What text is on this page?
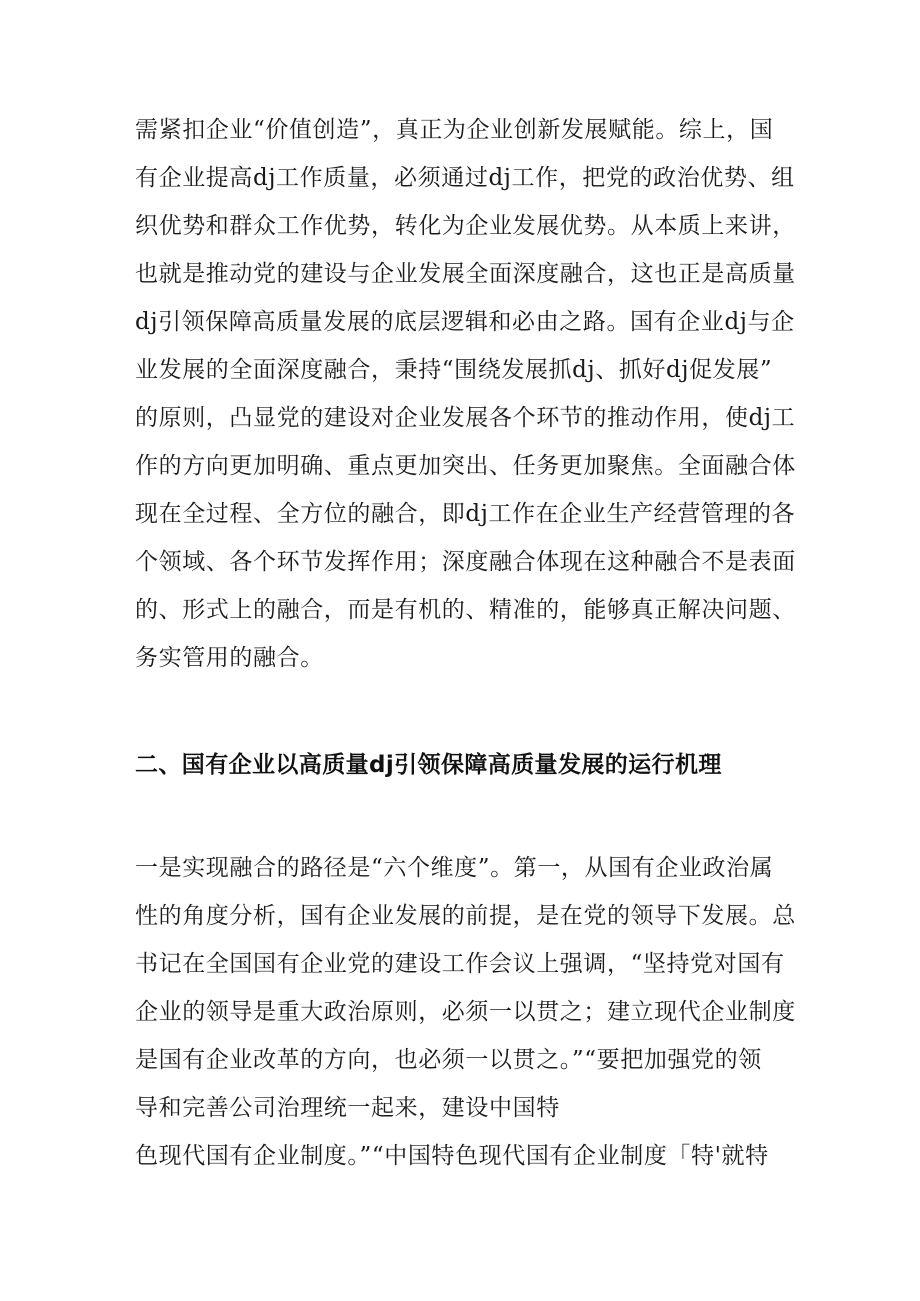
需紧扣企业“价值创造”，真正为企业创新发展赋能。综上，国
有企业提高dj工作质量，必须通过dj工作，把党的政治优势、组
织优势和群众工作优势，转化为企业发展优势。从本质上来讲，
也就是推动党的建设与企业发展全面深度融合，这也正是高质量
dj引领保障高质量发展的底层逻辑和必由之路。国有企业dj与企
业发展的全面深度融合，秉持“围绕发展抓dj、抓好dj促发展”
的原则，凸显党的建设对企业发展各个环节的推动作用，使dj工
作的方向更加明确、重点更加突出、任务更加聚焦。全面融合体
现在全过程、全方位的融合，即dj工作在企业生产经营管理的各
个领域、各个环节发挥作用；深度融合体现在这种融合不是表面
的、形式上的融合，而是有机的、精准的，能够真正解决问题、
务实管用的融合。
二、国有企业以高质量dj引领保障高质量发展的运行机理
一是实现融合的路径是“六个维度”。第一，从国有企业政治属
性的角度分析，国有企业发展的前提，是在党的领导下发展。总
书记在全国国有企业党的建设工作会议上强调，“坚持党对国有
企业的领导是重大政治原则，必须一以贯之；建立现代企业制度
是国有企业改革的方向，也必须一以贯之。”“要把加强党的领
导和完善公司治理统一起来，建设中国特
色现代国有企业制度。”“中国特色现代国有企业制度「特'就特
